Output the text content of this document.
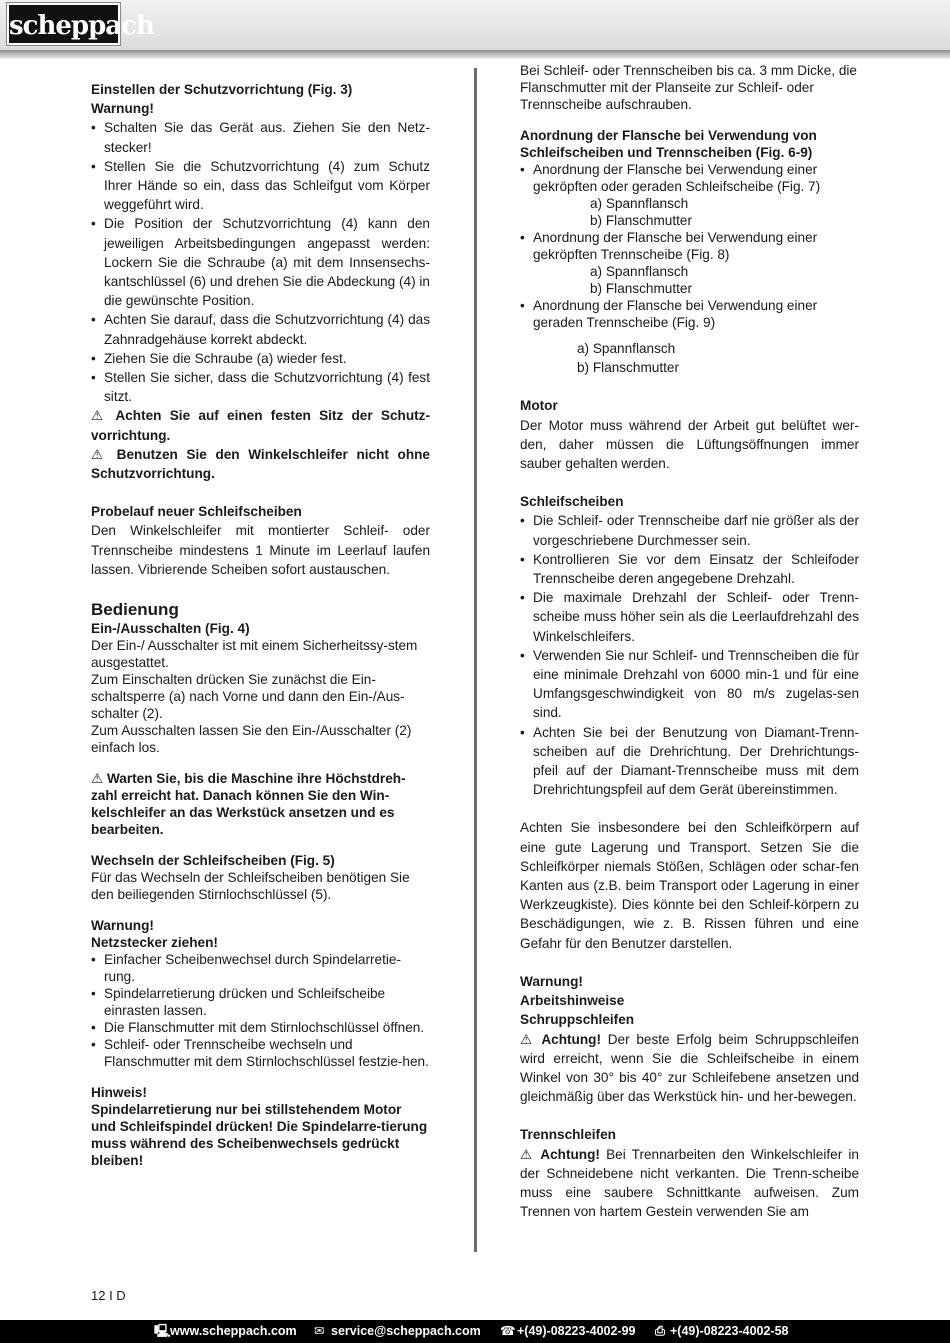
scheppach

Einstellen der Schutzvorrichtung (Fig. 3)

Warnung!

• Schalten Sie das Gerät aus. Ziehen Sie den Netz-stecker!
• Stellen Sie die Schutzvorrichtung (4) zum Schutz Ihrer Hände so ein, dass das Schleifgut vom Körper weggeführt wird.
• Die Position der Schutzvorrichtung (4) kann den jeweiligen Arbeitsbedingungen angepasst werden: Lockern Sie die Schraube (a) mit dem Innsensechs-kantschlüssel (6) und drehen Sie die Abdeckung (4) in die gewünschte Position.
• Achten Sie darauf, dass die Schutzvorrichtung (4) das Zahnradgehäuse korrekt abdeckt.
• Ziehen Sie die Schraube (a) wieder fest.
• Stellen Sie sicher, dass die Schutzvorrichtung (4) fest sitzt.

⚠ Achten Sie auf einen festen Sitz der Schutz-vorrichtung.

⚠ Benutzen Sie den Winkelschleifer nicht ohne Schutzvorrichtung.

Probelauf neuer Schleifscheiben

Den Winkelschleifer mit montierter Schleif- oder Trennscheibe mindestens 1 Minute im Leerlauf laufen lassen. Vibrierende Scheiben sofort austauschen.

Bedienung

Ein-/Ausschalten (Fig. 4)

Der Ein-/ Ausschalter ist mit einem Sicherheitssy-stem ausgestattet.

Zum Einschalten drücken Sie zunächst die Ein-schaltsperre (a) nach Vorne und dann den Ein-/Aus-schalter (2).

Zum Ausschalten lassen Sie den Ein-/Ausschalter (2) einfach los.

⚠ Warten Sie, bis die Maschine ihre Höchstdreh-zahl erreicht hat. Danach können Sie den Win-kelschleifer an das Werkstück ansetzen und es bearbeiten.

Wechseln der Schleifscheiben (Fig. 5)

Für das Wechseln der Schleifscheiben benötigen Sie den beiliegenden Stirnlochschlüssel (5).

Warnung!

Netzstecker ziehen!

• Einfacher Scheibenwechsel durch Spindelarretie-rung.
• Spindelarretierung drücken und Schleifscheibe einrasten lassen.
• Die Flanschmutter mit dem Stirnlochschlüssel öffnen.
• Schleif- oder Trennscheibe wechseln und Flanschmutter mit dem Stirnlochschlüssel festzie-hen.

Hinweis!

Spindelarretierung nur bei stillstehendem Motor und Schleifspindel drücken! Die Spindelarre-tierung muss während des Scheibenwechsels gedrückt bleiben!

Bei Schleif- oder Trennscheiben bis ca. 3 mm Dicke, die Flanschmutter mit der Planseite zur Schleif- oder Trennscheibe aufschrauben.

Anordnung der Flansche bei Verwendung von Schleifscheiben und Trennscheiben (Fig. 6-9)

• Anordnung der Flansche bei Verwendung einer gekröpften oder geraden Schleifscheibe (Fig. 7)

a) Spannflansch

b) Flanschmutter

• Anordnung der Flansche bei Verwendung einer gekröpften Trennscheibe (Fig. 8)

a) Spannflansch

b) Flanschmutter

• Anordnung der Flansche bei Verwendung einer geraden Trennscheibe (Fig. 9)

a) Spannflansch

b) Flanschmutter

Motor

Der Motor muss während der Arbeit gut belüftet wer-den, daher müssen die Lüftungsöffnungen immer sauber gehalten werden.

Schleifscheiben

• Die Schleif- oder Trennscheibe darf nie größer als der vorgeschriebene Durchmesser sein.
• Kontrollieren Sie vor dem Einsatz der Schleifoder Trennscheibe deren angegebene Drehzahl.
• Die maximale Drehzahl der Schleif- oder Trenn-scheibe muss höher sein als die Leerlaufdrehzahl des Winkelschleifers.
• Verwenden Sie nur Schleif- und Trennscheiben die für eine minimale Drehzahl von 6000 min-1 und für eine Umfangsgeschwindigkeit von 80 m/s zugelas-sen sind.
• Achten Sie bei der Benutzung von Diamant-Trenn-scheiben auf die Drehrichtung. Der Drehrichtungs-pfeil auf der Diamant-Trennscheibe muss mit dem Drehrichtungspfeil auf dem Gerät übereinstimmen.

Achten Sie insbesondere bei den Schleifkörpern auf eine gute Lagerung und Transport. Setzen Sie die Schleifkörper niemals Stößen, Schlägen oder schar-fen Kanten aus (z.B. beim Transport oder Lagerung in einer Werkzeugkiste). Dies könnte bei den Schleif-körpern zu Beschädigungen, wie z. B. Rissen führen und eine Gefahr für den Benutzer darstellen.

Warnung!

Arbeitshinweise

Schruppschleifen

⚠ Achtung! Der beste Erfolg beim Schruppschleifen wird erreicht, wenn Sie die Schleifscheibe in einem Winkel von 30° bis 40° zur Schleifebene ansetzen und gleichmäßig über das Werkstück hin- und her-bewegen.

Trennschleifen

⚠ Achtung! Bei Trennarbeiten den Winkelschleifer in der Schneidebene nicht verkanten. Die Trenn-scheibe muss eine saubere Schnittkante aufweisen. Zum Trennen von hartem Gestein verwenden Sie am

12 I D
🖳 www.scheppach.com ✉ service@scheppach.com ☎ +(49)-08223-4002-99 ⎙ +(49)-08223-4002-58
